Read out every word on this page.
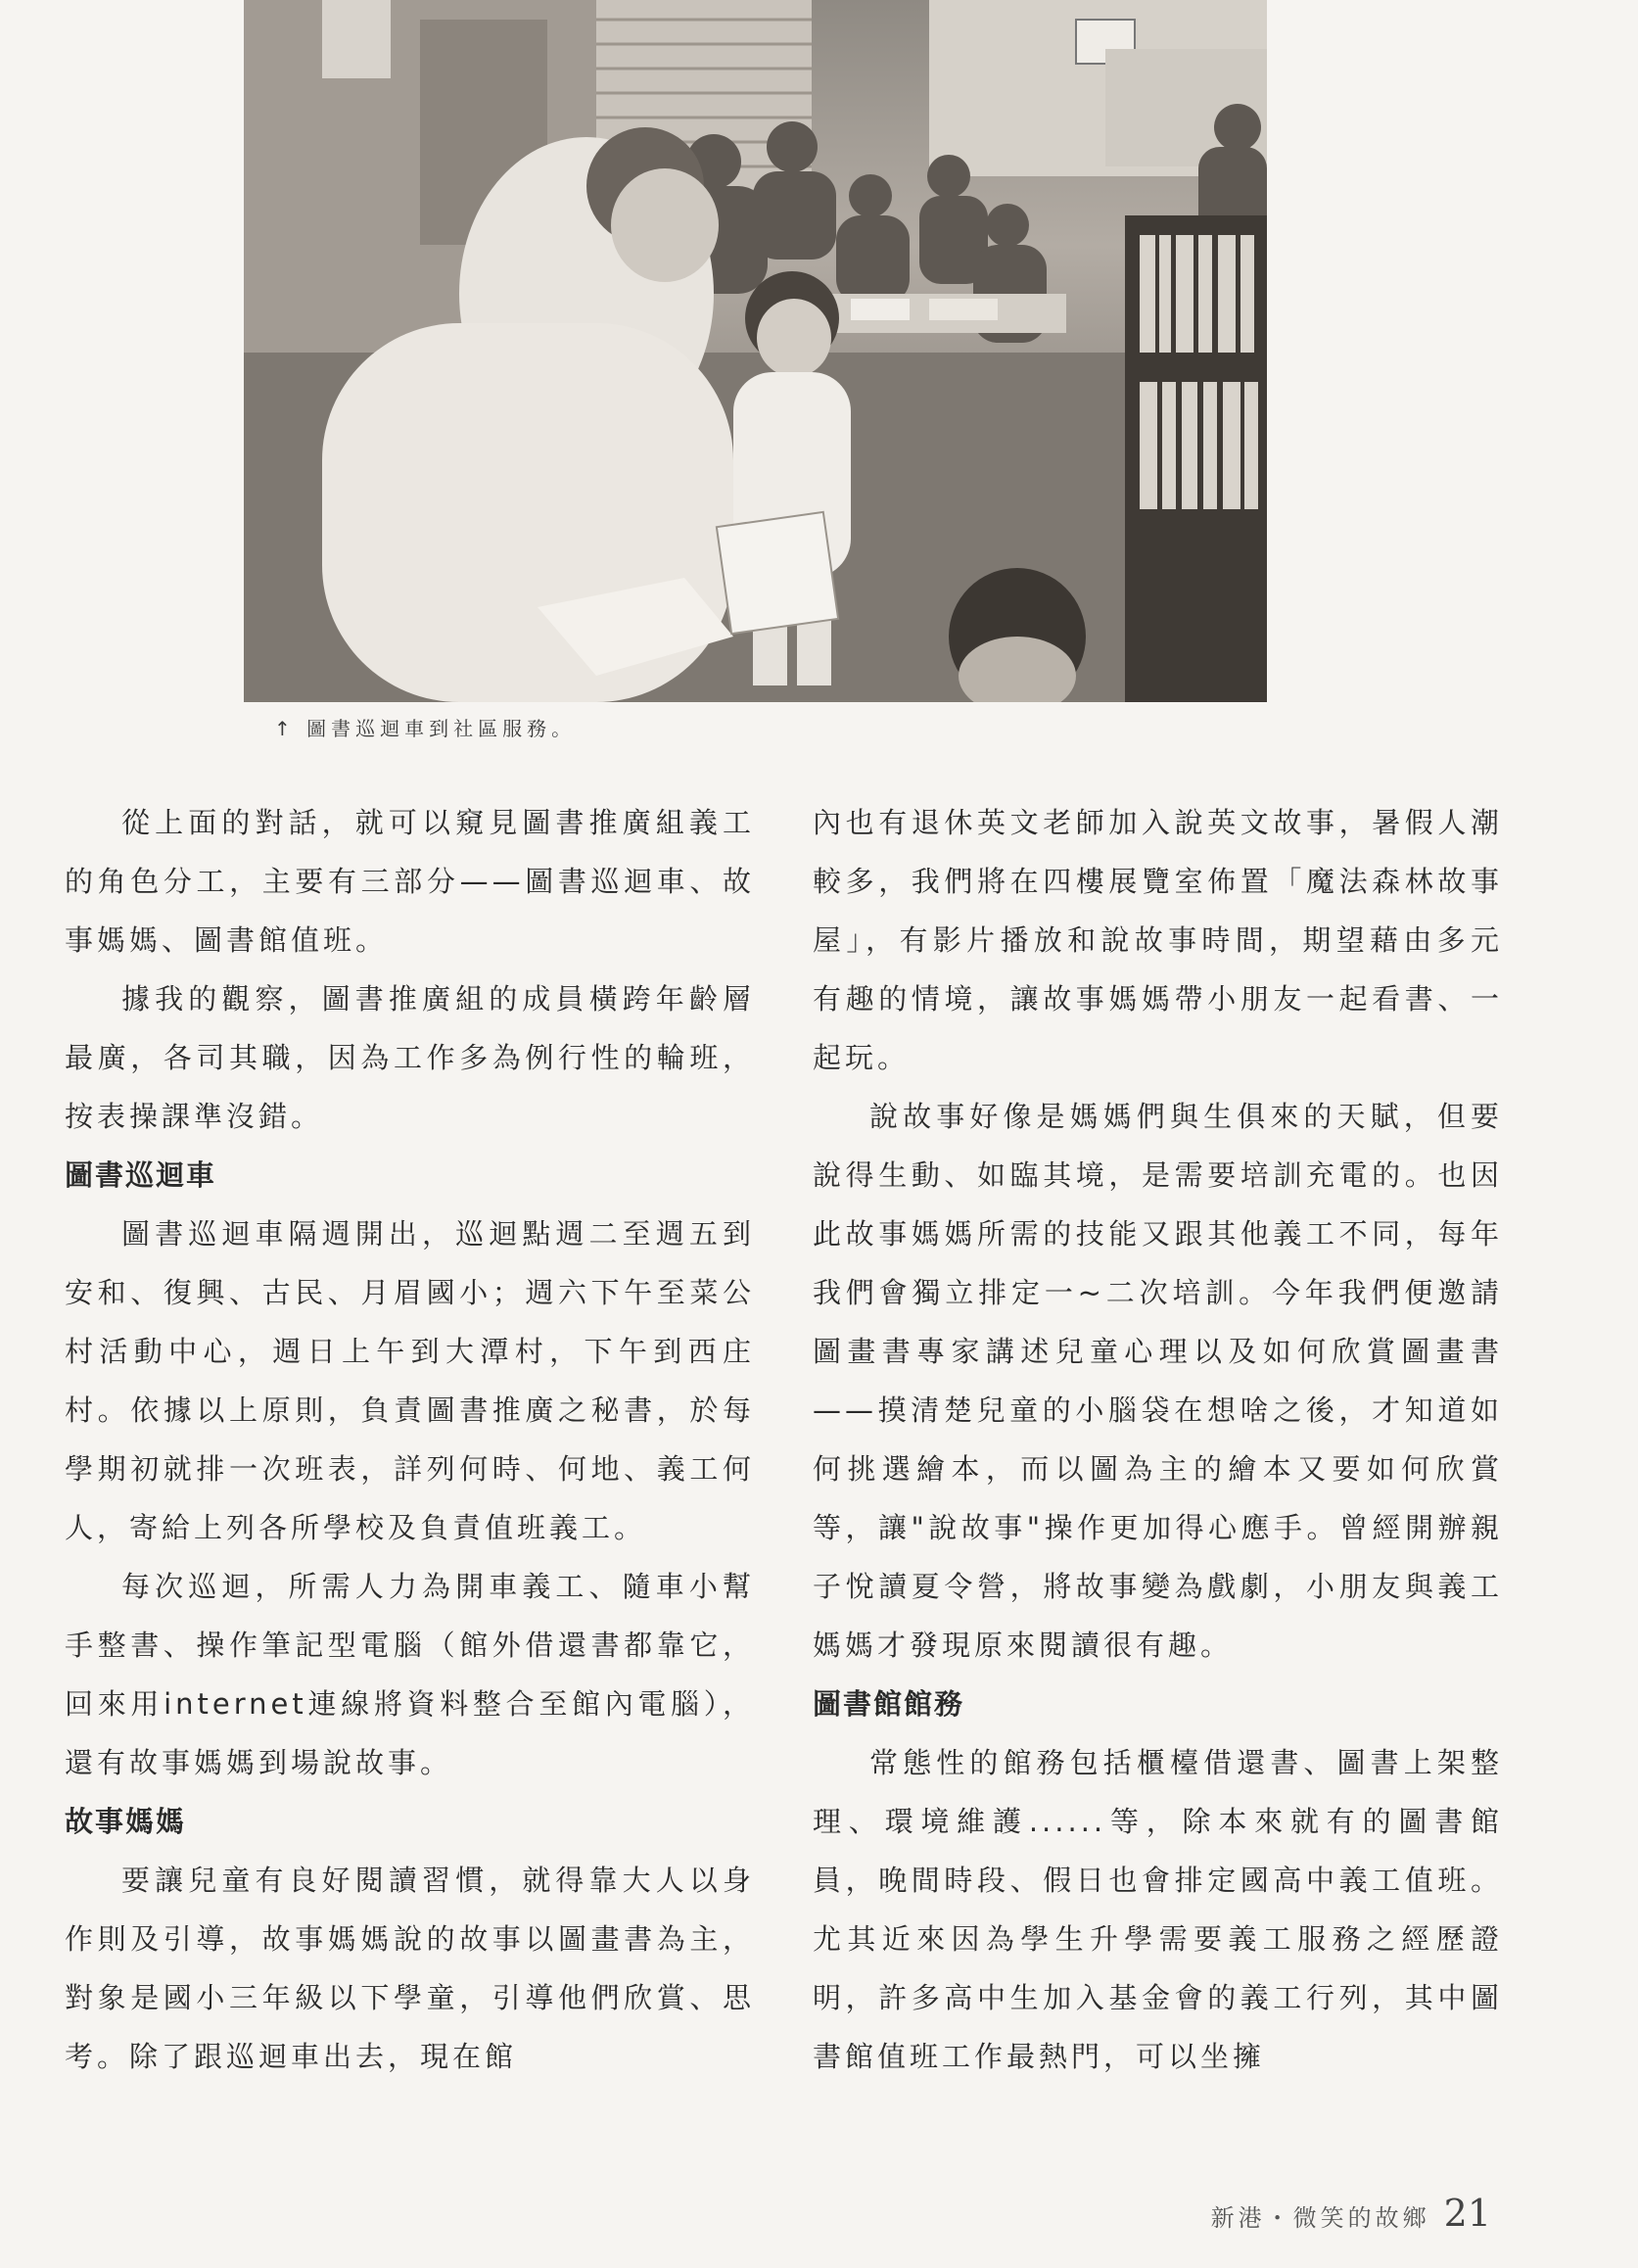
↑ 圖書巡迴車到社區服務。

從上面的對話，就可以窺見圖書推廣組義工的角色分工，主要有三部分——圖書巡迴車、故事媽媽、圖書館值班。

據我的觀察，圖書推廣組的成員橫跨年齡層最廣，各司其職，因為工作多為例行性的輪班，按表操課準沒錯。

圖書巡迴車

圖書巡迴車隔週開出，巡迴點週二至週五到安和、復興、古民、月眉國小；週六下午至菜公村活動中心，週日上午到大潭村，下午到西庄村。依據以上原則，負責圖書推廣之秘書，於每學期初就排一次班表，詳列何時、何地、義工何人，寄給上列各所學校及負責值班義工。

每次巡迴，所需人力為開車義工、隨車小幫手整書、操作筆記型電腦（館外借還書都靠它，回來用internet連線將資料整合至館內電腦），還有故事媽媽到場說故事。

故事媽媽

要讓兒童有良好閱讀習慣，就得靠大人以身作則及引導，故事媽媽說的故事以圖畫書為主，對象是國小三年級以下學童，引導他們欣賞、思考。除了跟巡迴車出去，現在館

內也有退休英文老師加入說英文故事，暑假人潮較多，我們將在四樓展覽室佈置「魔法森林故事屋」，有影片播放和說故事時間，期望藉由多元有趣的情境，讓故事媽媽帶小朋友一起看書、一起玩。

說故事好像是媽媽們與生俱來的天賦，但要說得生動、如臨其境，是需要培訓充電的。也因此故事媽媽所需的技能又跟其他義工不同，每年我們會獨立排定一~二次培訓。今年我們便邀請圖畫書專家講述兒童心理以及如何欣賞圖畫書——摸清楚兒童的小腦袋在想啥之後，才知道如何挑選繪本，而以圖為主的繪本又要如何欣賞等，讓"說故事"操作更加得心應手。曾經開辦親子悅讀夏令營，將故事變為戲劇，小朋友與義工媽媽才發現原來閱讀很有趣。

圖書館館務

常態性的館務包括櫃檯借還書、圖書上架整理、環境維護......等，除本來就有的圖書館員，晚間時段、假日也會排定國高中義工值班。尤其近來因為學生升學需要義工服務之經歷證明，許多高中生加入基金會的義工行列，其中圖書館值班工作最熱門，可以坐擁

新港・微笑的故鄉 21
